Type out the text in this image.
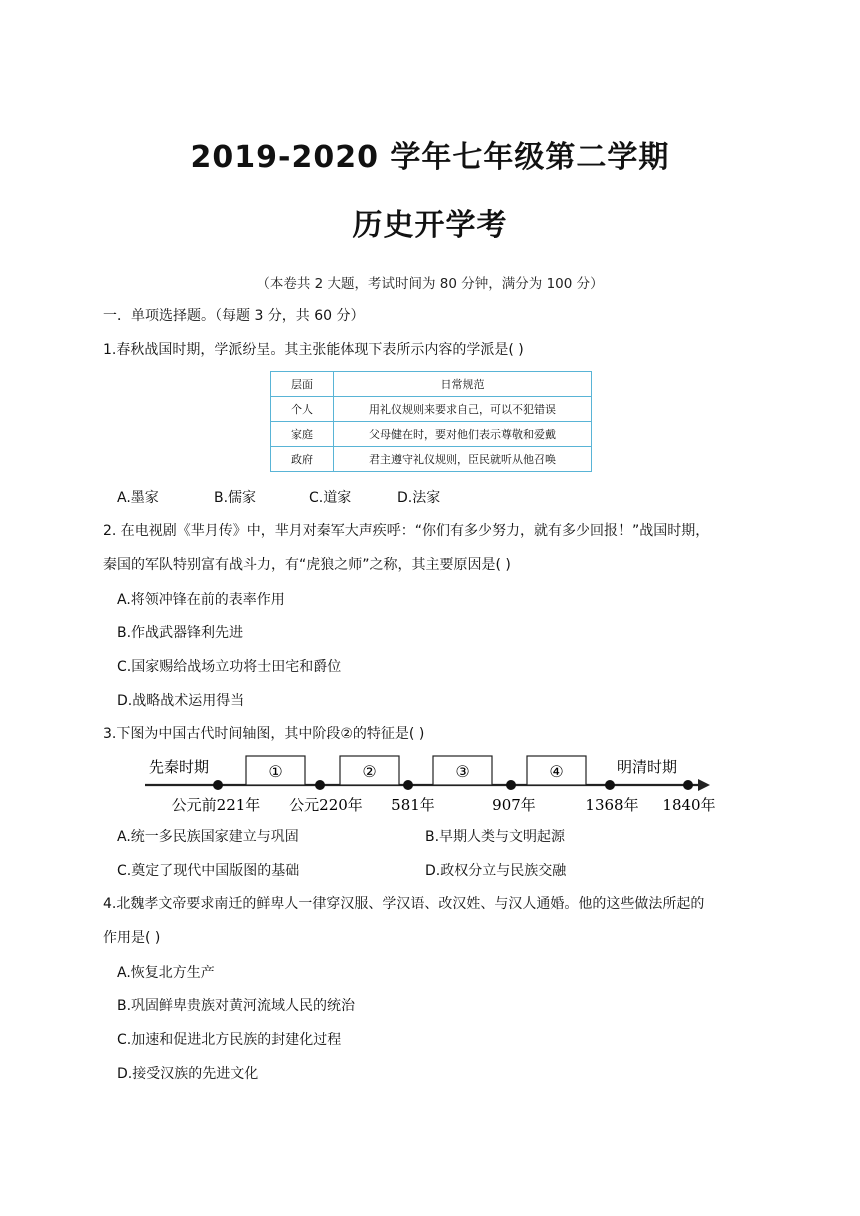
2019-2020 学年七年级第二学期
历史开学考
（本卷共 2 大题，考试时间为 80 分钟，满分为 100 分）
一．单项选择题。（每题 3 分，共 60 分）
1.春秋战国时期，学派纷呈。其主张能体现下表所示内容的学派是( )
层面	日常规范
个人	用礼仪规则来要求自己，可以不犯错误
家庭	父母健在时，要对他们表示尊敬和爱戴
政府	君主遵守礼仪规则，臣民就听从他召唤
A.墨家	B.儒家	C.道家	D.法家
2. 在电视剧《芈月传》中，芈月对秦军大声疾呼：“你们有多少努力，就有多少回报！”战国时期，
秦国的军队特别富有战斗力，有“虎狼之师”之称，其主要原因是( )
A.将领冲锋在前的表率作用
B.作战武器锋利先进
C.国家赐给战场立功将士田宅和爵位
D.战略战术运用得当
3.下图为中国古代时间轴图，其中阶段②的特征是( )
先秦时期	明清时期
①	②	③	④
公元前221年 公元220年 581年	907年	1368年 1840年
A.统一多民族国家建立与巩固	B.早期人类与文明起源
C.奠定了现代中国版图的基础	D.政权分立与民族交融
4.北魏孝文帝要求南迁的鲜卑人一律穿汉服、学汉语、改汉姓、与汉人通婚。他的这些做法所起的
作用是( )
A.恢复北方生产
B.巩固鲜卑贵族对黄河流域人民的统治
C.加速和促进北方民族的封建化过程
D.接受汉族的先进文化
